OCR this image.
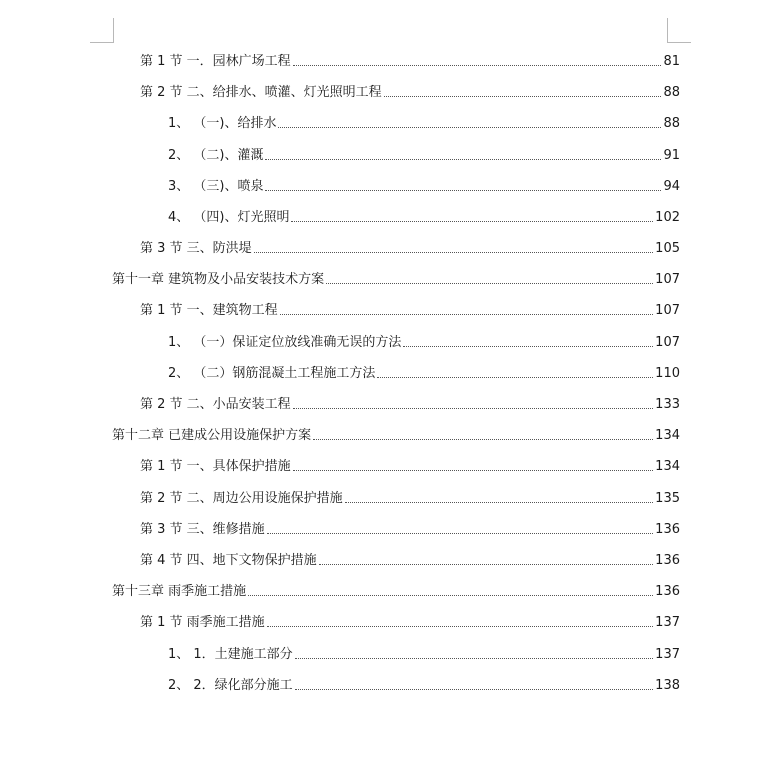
第 1 节 一．园林广场工程	81
第 2 节 二、给排水、喷灌、灯光照明工程	88
1、 （一)、给排水	88
2、 （二)、灌溉	91
3、 （三)、喷泉	94
4、 （四)、灯光照明	102
第 3 节 三、防洪堤	105
第十一章 建筑物及小品安装技术方案	107
第 1 节 一、建筑物工程	107
1、 （一）保证定位放线准确无误的方法	107
2、 （二）钢筋混凝土工程施工方法	110
第 2 节 二、小品安装工程	133
第十二章 已建成公用设施保护方案	134
第 1 节 一、具体保护措施	134
第 2 节 二、周边公用设施保护措施	135
第 3 节 三、维修措施	136
第 4 节 四、地下文物保护措施	136
第十三章 雨季施工措施	136
第 1 节 雨季施工措施	137
1、 1．土建施工部分	137
2、 2．绿化部分施工	138
